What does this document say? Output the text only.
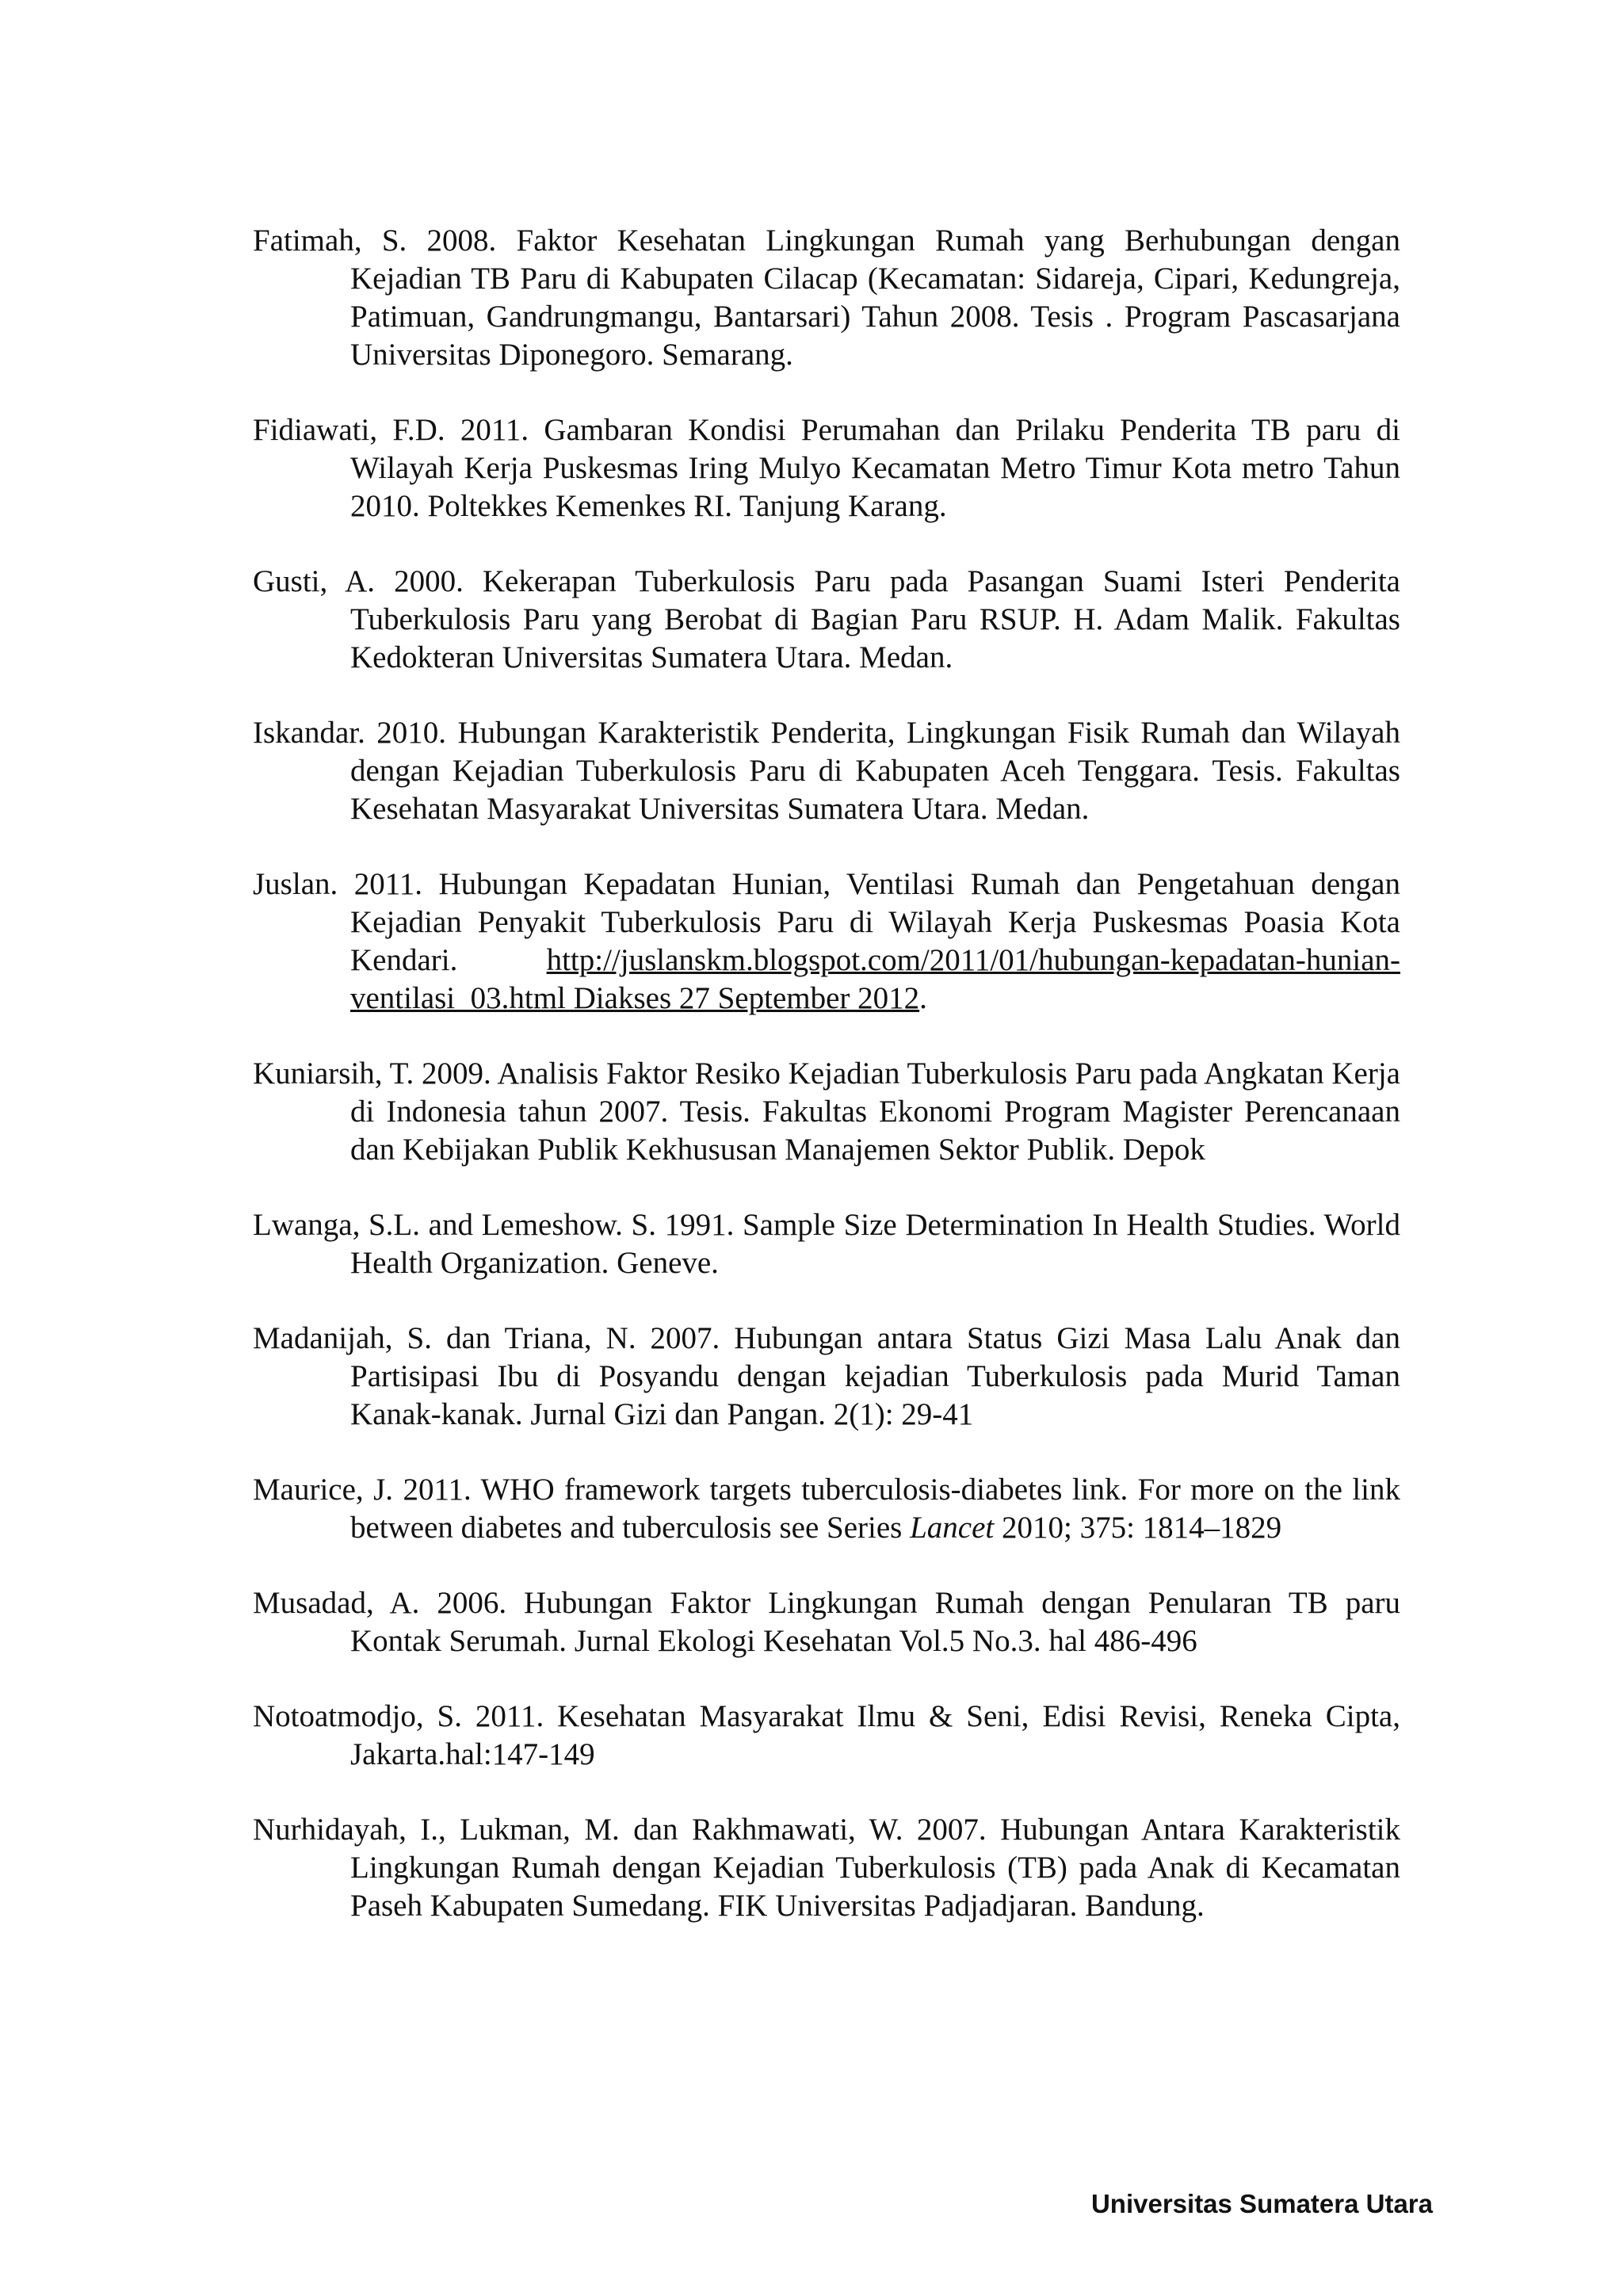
Fatimah, S. 2008. Faktor Kesehatan Lingkungan Rumah yang Berhubungan dengan Kejadian TB Paru di Kabupaten Cilacap (Kecamatan: Sidareja, Cipari, Kedungreja, Patimuan, Gandrungmangu, Bantarsari) Tahun 2008. Tesis . Program Pascasarjana Universitas Diponegoro. Semarang.

Fidiawati, F.D. 2011. Gambaran Kondisi Perumahan dan Prilaku Penderita TB paru di Wilayah Kerja Puskesmas Iring Mulyo Kecamatan Metro Timur Kota metro Tahun 2010. Poltekkes Kemenkes RI. Tanjung Karang.

Gusti, A. 2000. Kekerapan Tuberkulosis Paru pada Pasangan Suami Isteri Penderita Tuberkulosis Paru yang Berobat di Bagian Paru RSUP. H. Adam Malik. Fakultas Kedokteran Universitas Sumatera Utara. Medan.

Iskandar. 2010. Hubungan Karakteristik Penderita, Lingkungan Fisik Rumah dan Wilayah dengan Kejadian Tuberkulosis Paru di Kabupaten Aceh Tenggara. Tesis. Fakultas Kesehatan Masyarakat Universitas Sumatera Utara. Medan.

Juslan. 2011. Hubungan Kepadatan Hunian, Ventilasi Rumah dan Pengetahuan dengan Kejadian Penyakit Tuberkulosis Paru di Wilayah Kerja Puskesmas Poasia Kota Kendari. http://juslanskm.blogspot.com/2011/01/hubungan-kepadatan-hunian-ventilasi_03.html Diakses 27 September 2012.

Kuniarsih, T. 2009. Analisis Faktor Resiko Kejadian Tuberkulosis Paru pada Angkatan Kerja di Indonesia tahun 2007. Tesis. Fakultas Ekonomi Program Magister Perencanaan dan Kebijakan Publik Kekhususan Manajemen Sektor Publik. Depok

Lwanga, S.L. and Lemeshow. S. 1991. Sample Size Determination In Health Studies. World Health Organization. Geneve.

Madanijah, S. dan Triana, N. 2007. Hubungan antara Status Gizi Masa Lalu Anak dan Partisipasi Ibu di Posyandu dengan kejadian Tuberkulosis pada Murid Taman Kanak-kanak. Jurnal Gizi dan Pangan. 2(1): 29-41

Maurice, J. 2011. WHO framework targets tuberculosis-diabetes link. For more on the link between diabetes and tuberculosis see Series Lancet 2010; 375: 1814–1829

Musadad, A. 2006. Hubungan Faktor Lingkungan Rumah dengan Penularan TB paru Kontak Serumah. Jurnal Ekologi Kesehatan Vol.5 No.3. hal 486-496

Notoatmodjo, S. 2011. Kesehatan Masyarakat Ilmu & Seni, Edisi Revisi, Reneka Cipta, Jakarta.hal:147-149

Nurhidayah, I., Lukman, M. dan Rakhmawati, W. 2007. Hubungan Antara Karakteristik Lingkungan Rumah dengan Kejadian Tuberkulosis (TB) pada Anak di Kecamatan Paseh Kabupaten Sumedang. FIK Universitas Padjadjaran. Bandung.

Universitas Sumatera Utara
